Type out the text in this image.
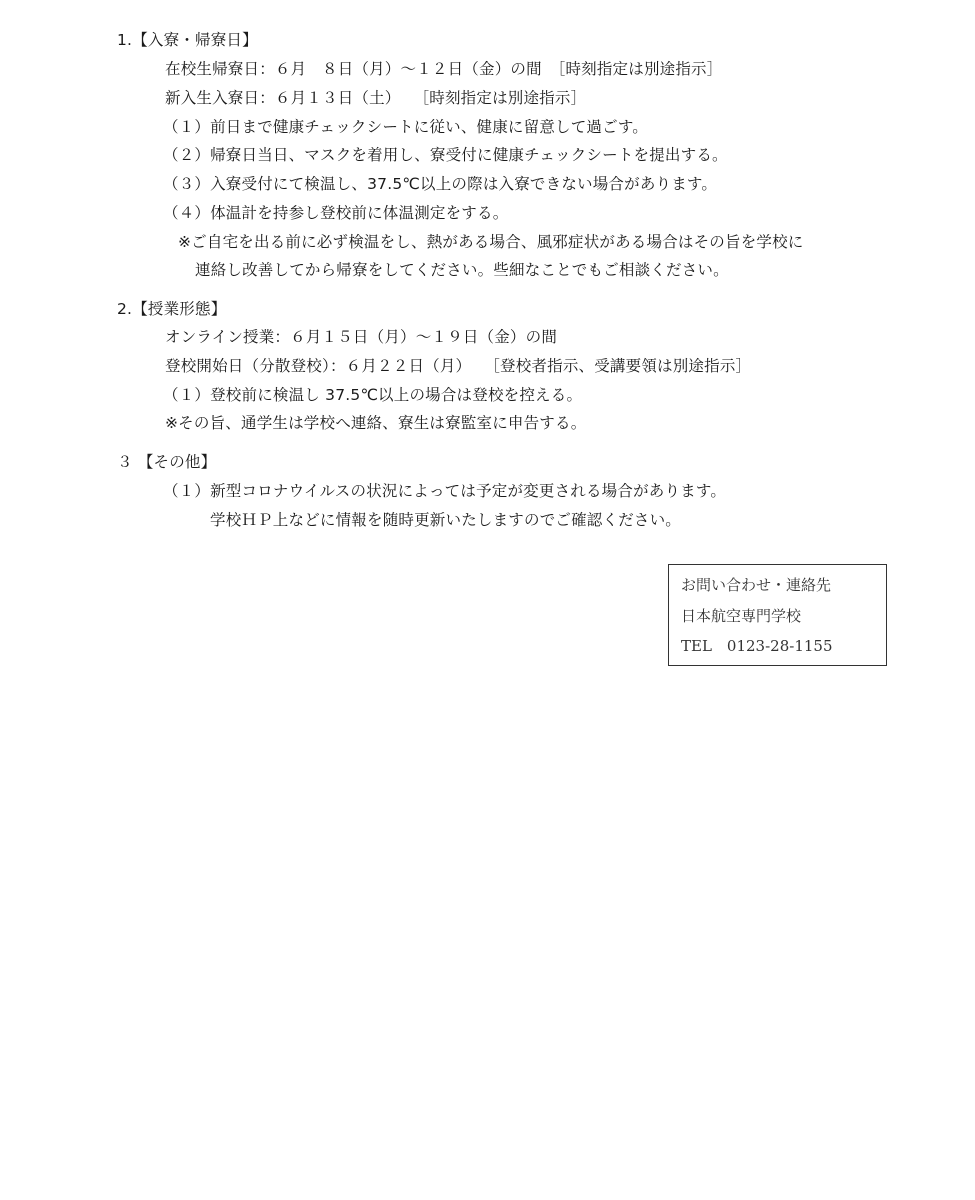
1.【入寮・帰寮日】
在校生帰寮日：６月　８日（月）～１２日（金）の間　［時刻指定は別途指示］
新入生入寮日：６月１３日（土）　 ［時刻指定は別途指示］
（１）前日まで健康チェックシートに従い、健康に留意して過ごす。
（２）帰寮日当日、マスクを着用し、寮受付に健康チェックシートを提出する。
（３）入寮受付にて検温し、37.5℃以上の際は入寮できない場合があります。
（４）体温計を持参し登校前に体温測定をする。
※ご自宅を出る前に必ず検温をし、熱がある場合、風邪症状がある場合はその旨を学校に
連絡し改善してから帰寮をしてください。些細なことでもご相談ください。
2.【授業形態】
オンライン授業：６月１５日（月）～１９日（金）の間
登校開始日（分散登校）：６月２２日（月）　 ［登校者指示、受講要領は別途指示］
（１）登校前に検温し 37.5℃以上の場合は登校を控える。
※その旨、通学生は学校へ連絡、寮生は寮監室に申告する。
３ 【その他】
（１）新型コロナウイルスの状況によっては予定が変更される場合があります。
学校ＨＰ上などに情報を随時更新いたしますのでご確認ください。
お問い合わせ・連絡先
日本航空専門学校
TEL　0123-28-1155
